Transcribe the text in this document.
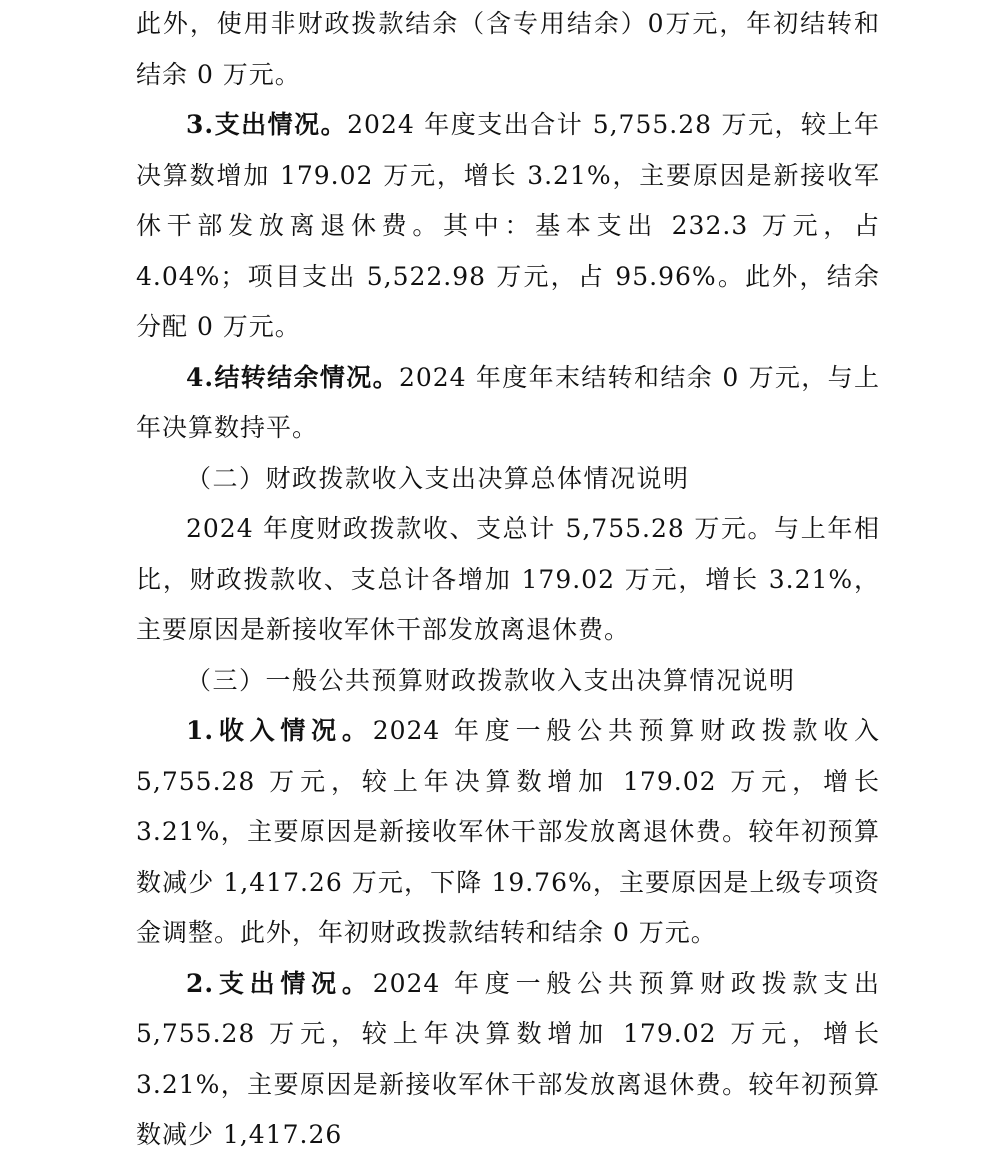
此外，使用非财政拨款结余（含专用结余）0万元，年初结转和结余 0 万元。

3.支出情况。2024 年度支出合计 5,755.28 万元，较上年决算数增加 179.02 万元，增长 3.21%，主要原因是新接收军休干部发放离退休费。其中：基本支出 232.3 万元，占 4.04%；项目支出 5,522.98 万元，占 95.96%。此外，结余分配 0 万元。

4.结转结余情况。2024 年度年末结转和结余 0 万元，与上年决算数持平。

（二）财政拨款收入支出决算总体情况说明

2024 年度财政拨款收、支总计 5,755.28 万元。与上年相比，财政拨款收、支总计各增加 179.02 万元，增长 3.21%，主要原因是新接收军休干部发放离退休费。

（三）一般公共预算财政拨款收入支出决算情况说明

1.收入情况。2024 年度一般公共预算财政拨款收入 5,755.28 万元，较上年决算数增加 179.02 万元，增长 3.21%，主要原因是新接收军休干部发放离退休费。较年初预算数减少 1,417.26 万元，下降 19.76%，主要原因是上级专项资金调整。此外，年初财政拨款结转和结余 0 万元。

2.支出情况。2024 年度一般公共预算财政拨款支出 5,755.28 万元，较上年决算数增加 179.02 万元，增长 3.21%，主要原因是新接收军休干部发放离退休费。较年初预算数减少 1,417.26
